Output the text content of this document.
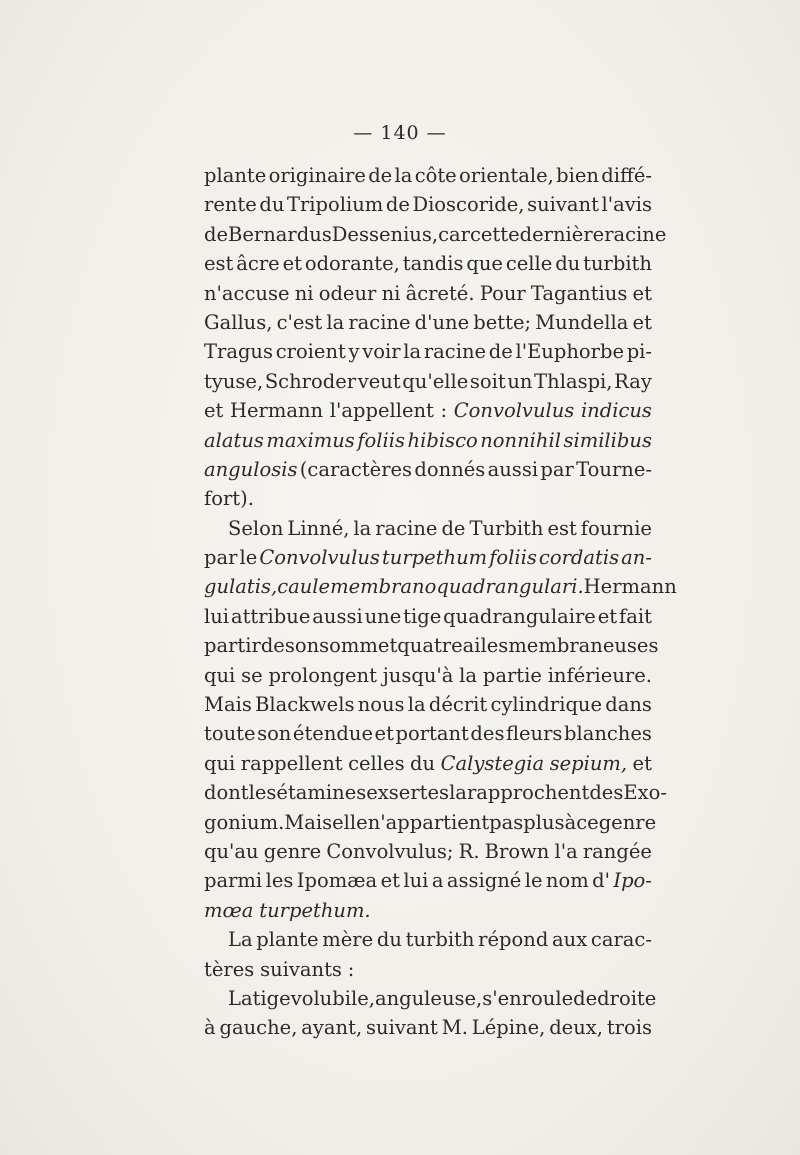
— 140 —
plante originaire de la côte orientale, bien diffé-
rente du Tripolium de Dioscoride, suivant l'avis
de Bernardus Dessenius, car cette dernière racine
est âcre et odorante, tandis que celle du turbith
n'accuse ni odeur ni âcreté. Pour Tagantius et
Gallus, c'est la racine d'une bette; Mundella et
Tragus croient y voir la racine de l'Euphorbe pi-
tyuse, Schroder veut qu'elle soit un Thlaspi, Ray
et Hermann l'appellent : Convolvulus indicus
alatus maximus foliis hibisco nonnihil similibus
angulosis (caractères donnés aussi par Tourne-
fort).
Selon Linné, la racine de Turbith est fournie
par le Convolvulus turpethum foliis cordatis an-
gulatis, caule membrano quadrangulari. Hermann
lui attribue aussi une tige quadrangulaire et fait
partir de son sommet quatre ailes membraneuses
qui se prolongent jusqu'à la partie inférieure.
Mais Blackwels nous la décrit cylindrique dans
toute son étendue et portant des fleurs blanches
qui rappellent celles du Calystegia sepium, et
dont les étamines exsertes la rapprochent des Exo-
gonium. Mais elle n'appartient pas plus à ce genre
qu'au genre Convolvulus; R. Brown l'a rangée
parmi les Ipomæa et lui a assigné le nom d' Ipo-
mœa turpethum.
La plante mère du turbith répond aux carac-
tères suivants :
La tige volubile, anguleuse, s'enroule de droite
à gauche, ayant, suivant M. Lépine, deux, trois
